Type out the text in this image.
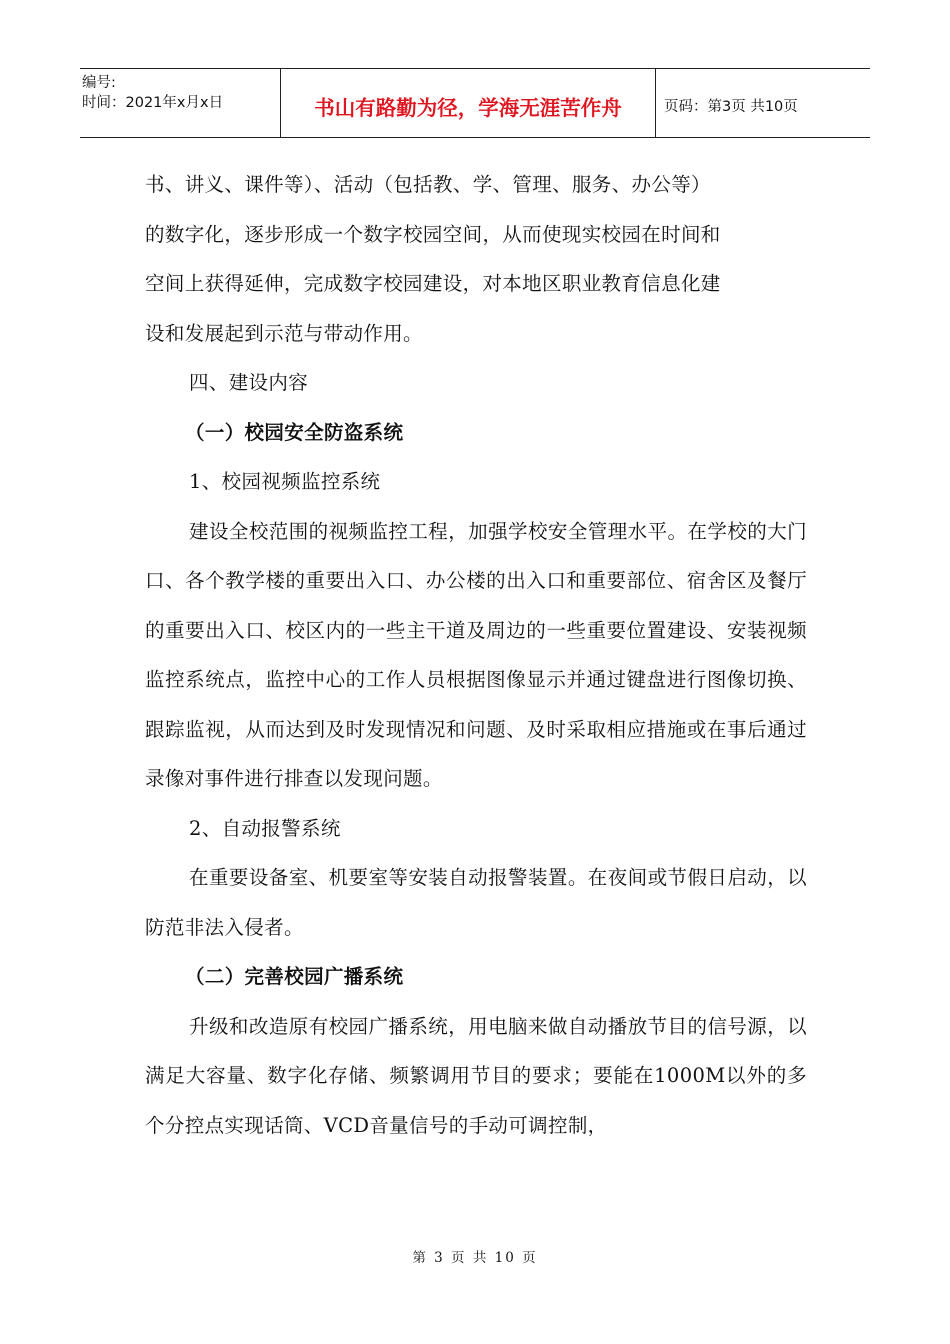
编号:
时间：2021年x月x日	书山有路勤为径，学海无涯苦作舟	页码：第3页 共10页

书、讲义、课件等）、活动（包括教、学、管理、服务、办公等）

的数字化，逐步形成一个数字校园空间，从而使现实校园在时间和

空间上获得延伸，完成数字校园建设，对本地区职业教育信息化建

设和发展起到示范与带动作用。

四、建设内容

（一）校园安全防盗系统

1、校园视频监控系统

建设全校范围的视频监控工程，加强学校安全管理水平。在学校的大门口、各个教学楼的重要出入口、办公楼的出入口和重要部位、宿舍区及餐厅的重要出入口、校区内的一些主干道及周边的一些重要位置建设、安装视频监控系统点，监控中心的工作人员根据图像显示并通过键盘进行图像切换、跟踪监视，从而达到及时发现情况和问题、及时采取相应措施或在事后通过录像对事件进行排查以发现问题。

2、自动报警系统

在重要设备室、机要室等安装自动报警装置。在夜间或节假日启动，以防范非法入侵者。

（二）完善校园广播系统

升级和改造原有校园广播系统，用电脑来做自动播放节目的信号源，以满足大容量、数字化存储、频繁调用节目的要求；要能在1000M以外的多个分控点实现话筒、VCD音量信号的手动可调控制，

第 3 页 共 10 页
